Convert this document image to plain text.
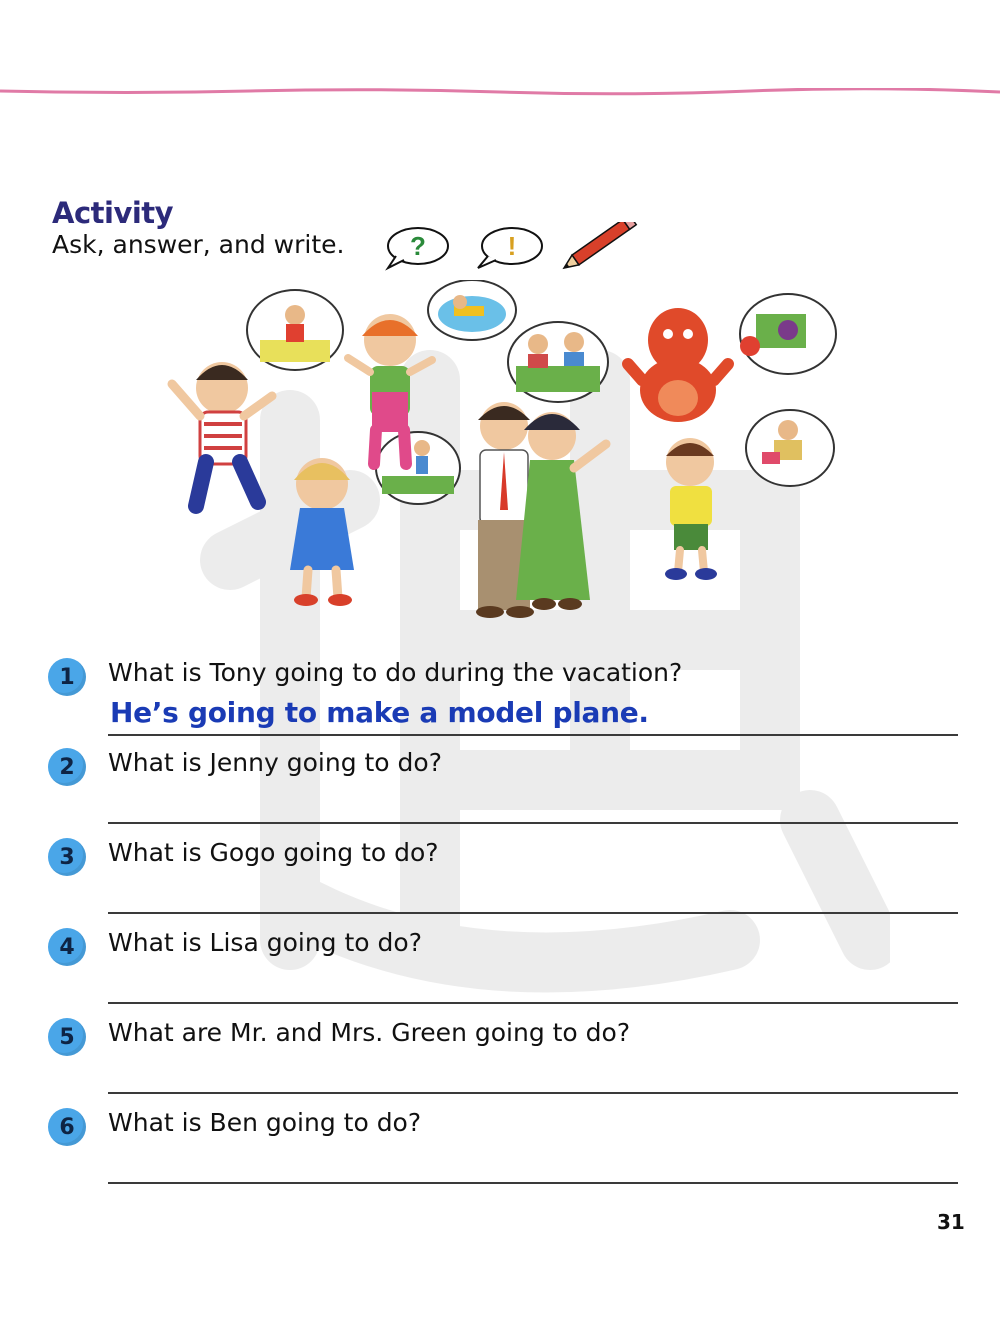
Activity
Ask, answer, and write.	?	!
1	What is Tony going to do during the vacation?
He’s going to make a model plane.
2	What is Jenny going to do?
3	What is Gogo going to do?
4	What is Lisa going to do?
5	What are Mr. and Mrs. Green going to do?
6	What is Ben going to do?
31
